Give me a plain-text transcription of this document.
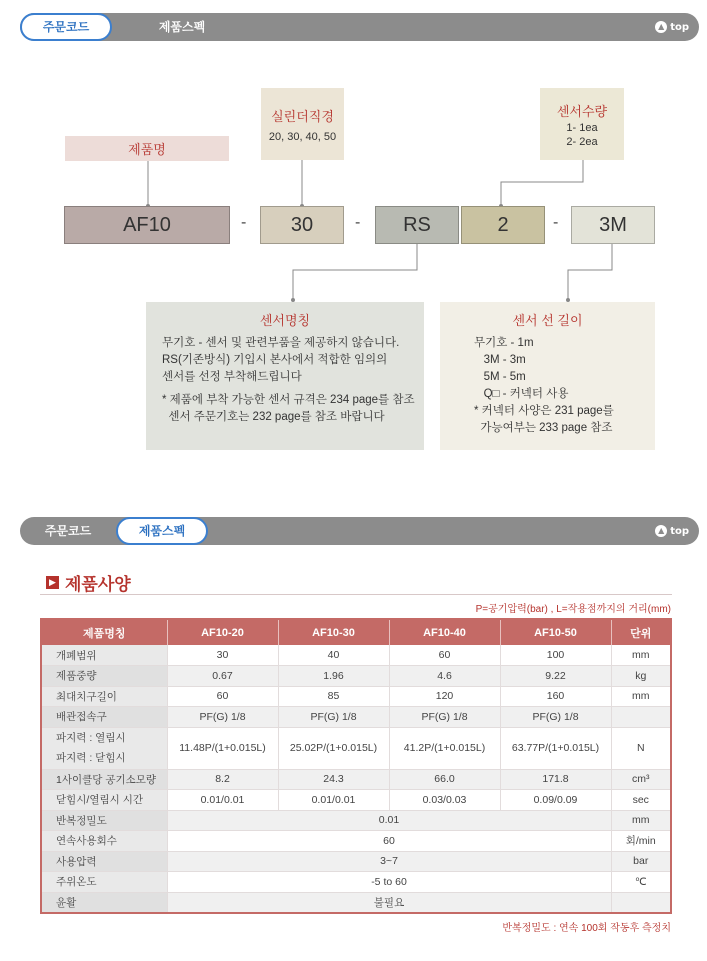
주문코드	제품스펙	▲ top
제품명
실린더직경
20, 30, 40, 50
센서수량
1- 1ea
2- 2ea
AF10	-	30	-	RS	2	-	3M
센서명칭

무기호 - 센서 및 관련부품을 제공하지 않습니다.

RS(기존방식) 기입시 본사에서 적합한 임의의

센서를 선정 부착해드립니다

* 제품에 부착 가능한 센서 규격은 234 page를 참조

센서 주문기호는 232 page를 참조 바랍니다

센서 선 길이

무기호 - 1m

3M - 3m

5M - 5m

Q□ - 커넥터 사용

* 커넥터 사양은 231 page를

가능여부는 233 page 참조

주문코드	제품스펙	▲ top
▶ 제품사양
P=공기압력(bar) , L=작용점까지의 거리(mm)
제품명칭	AF10-20	AF10-30	AF10-40	AF10-50	단위
개폐범위	30	40	60	100	mm
제품중량	0.67	1.96	4.6	9.22	kg
최대치구길이	60	85	120	160	mm
배관접속구	PF(G) 1/8	PF(G) 1/8	PF(G) 1/8	PF(G) 1/8	

파지력 : 열림시
파지력 : 닫힘시	11.48P/(1+0.015L)	25.02P/(1+0.015L)	41.2P/(1+0.015L)	63.77P/(1+0.015L)	N
1사이클당 공기소모량	8.2	24.3	66.0	171.8	cm³
닫힘시/열림시 시간	0.01/0.01	0.01/0.01	0.03/0.03	0.09/0.09	sec
반복정밀도	0.01				mm
연속사용회수	60				회/min
사용압력	3~7				bar
주위온도	-5 to 60				℃
윤활	불필요				
반복정밀도 : 연속 100회 작동후 측정치
